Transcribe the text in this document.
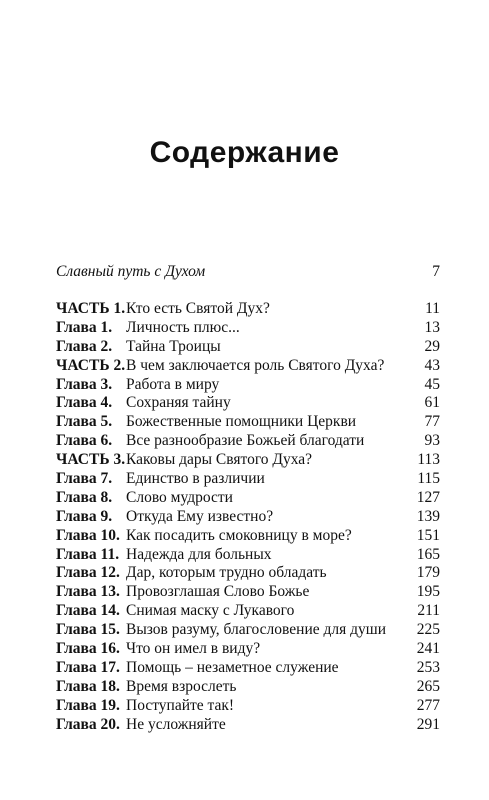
Содержание
Славный путь с Духом	7
ЧАСТЬ 1. Кто есть Святой Дух?	11
Глава 1. Личность плюс...	13
Глава 2. Тайна Троицы	29
ЧАСТЬ 2. В чем заключается роль Святого Духа?	43
Глава 3. Работа в миру	45
Глава 4. Сохраняя тайну	61
Глава 5. Божественные помощники Церкви	77
Глава 6. Все разнообразие Божьей благодати	93
ЧАСТЬ 3. Каковы дары Святого Духа?	113
Глава 7. Единство в различии	115
Глава 8. Слово мудрости	127
Глава 9. Откуда Ему известно?	139
Глава 10. Как посадить смоковницу в море?	151
Глава 11. Надежда для больных	165
Глава 12. Дар, которым трудно обладать	179
Глава 13. Провозглашая Слово Божье	195
Глава 14. Снимая маску с Лукавого	211
Глава 15. Вызов разуму, благословение для души 225
Глава 16. Что он имел в виду?	241
Глава 17. Помощь – незаметное служение	253
Глава 18. Время взрослеть	265
Глава 19. Поступайте так!	277
Глава 20. Не усложняйте	291
